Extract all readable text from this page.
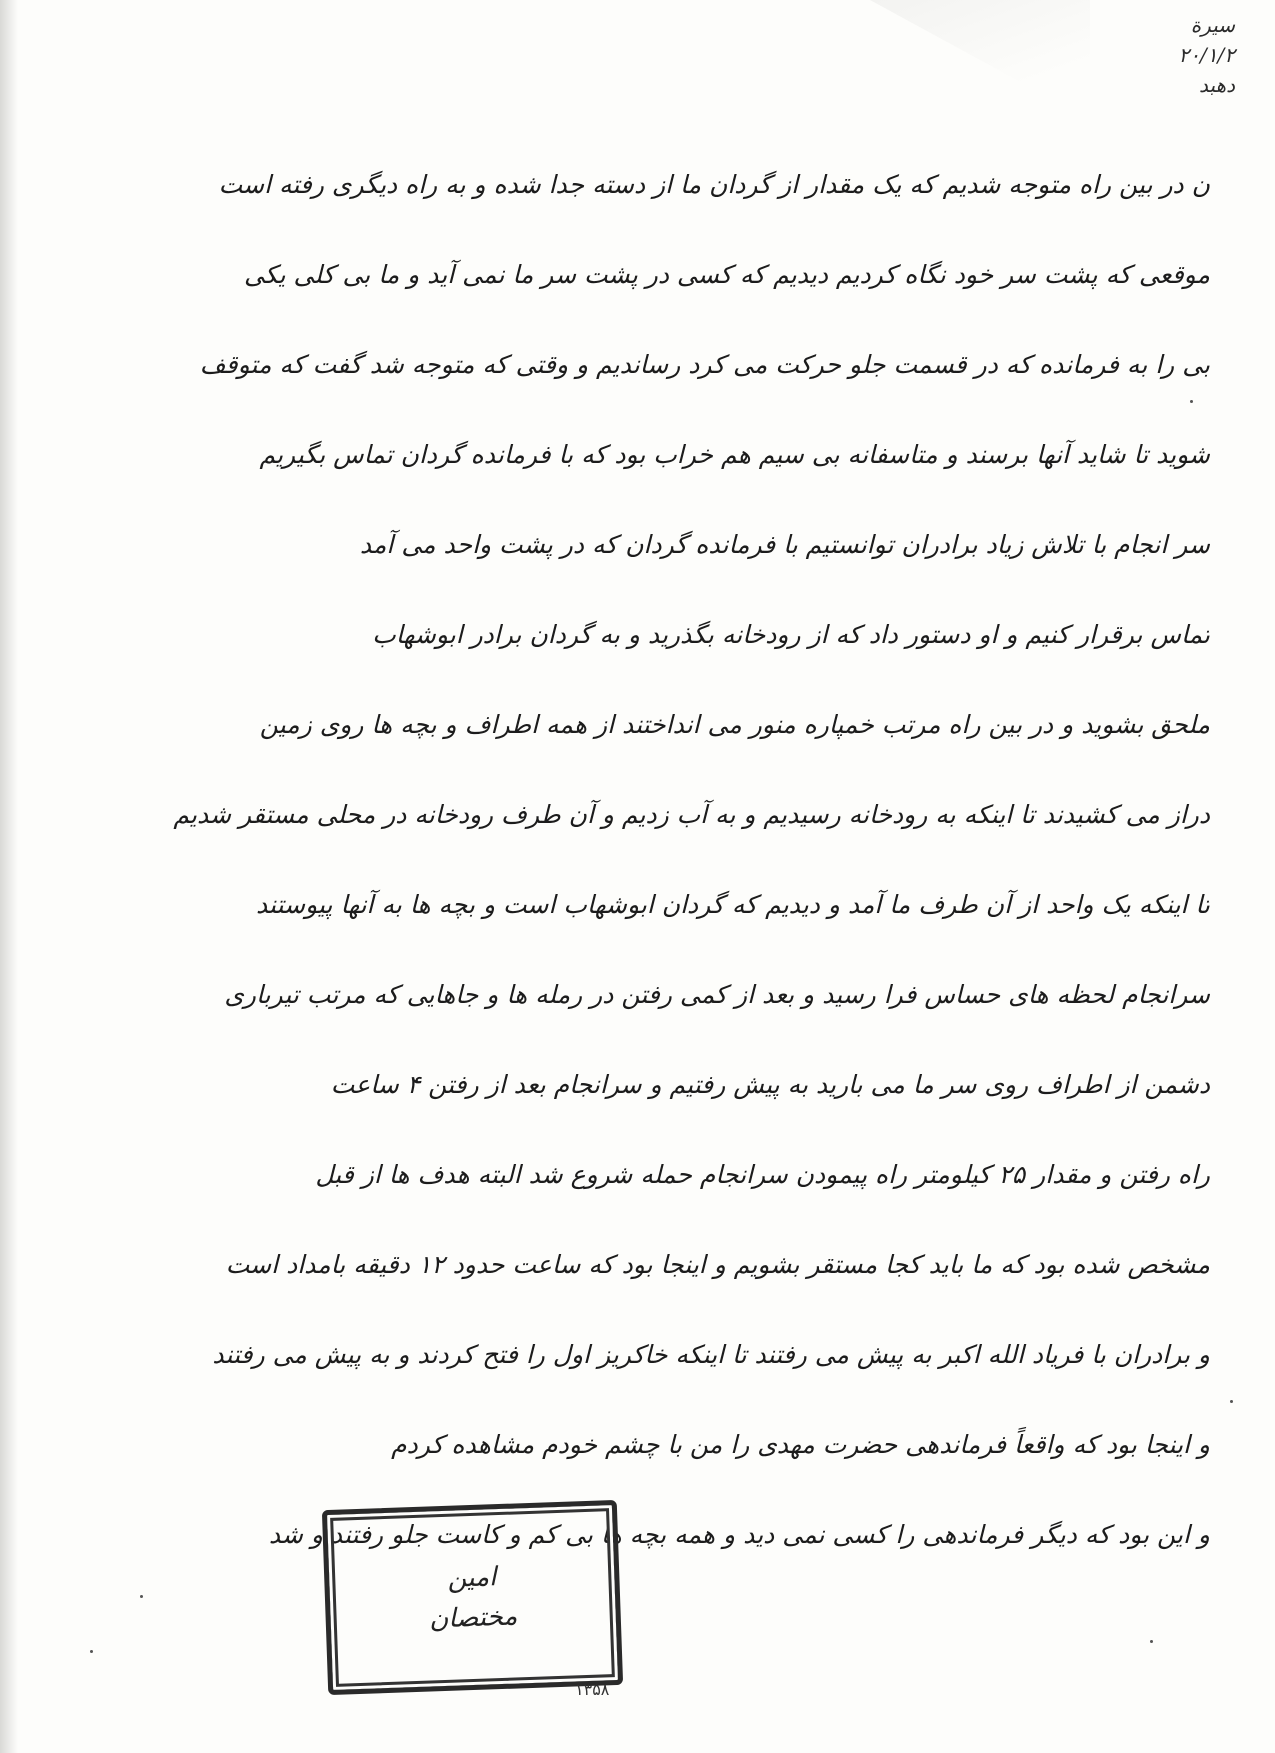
سیرة
۲۰/۱/۲
دهبد
ن در بین راه متوجه شدیم که یک مقدار از گردان ما از دسته جدا شده و به راه دیگری رفته است
موقعی که پشت سر خود نگاه کردیم دیدیم که کسی در پشت سر ما نمی آید و ما بی کلی یکی
بی را به فرمانده که در قسمت جلو حرکت می کرد رساندیم و وقتی که متوجه شد گفت که متوقف
شوید تا شاید آنها برسند و متاسفانه بی سیم هم خراب بود که با فرمانده گردان تماس بگیریم
سر انجام با تلاش زیاد برادران توانستیم با فرمانده گردان که در پشت واحد می آمد
تماس برقرار کنیم و او دستور داد که از رودخانه بگذرید و به گردان برادر ابوشهاب
ملحق بشوید و در بین راه مرتب خمپاره منور می انداختند از همه اطراف و بچه ها روی زمین
دراز می کشیدند تا اینکه به رودخانه رسیدیم و به آب زدیم و آن طرف رودخانه در محلی مستقر شدیم
تا اینکه یک واحد از آن طرف ما آمد و دیدیم که گردان ابوشهاب است و بچه ها به آنها پیوستند
سرانجام لحظه های حساس فرا رسید و بعد از کمی رفتن در رمله ها و جاهایی که مرتب تیرباری
دشمن از اطراف روی سر ما می بارید به پیش رفتیم و سرانجام بعد از رفتن ۴ ساعت
راه رفتن و مقدار ۲۵ کیلومتر راه پیمودن سرانجام حمله شروع شد البته هدف ها از قبل
مشخص شده بود که ما باید کجا مستقر بشویم و اینجا بود که ساعت حدود ۱۲ دقیقه بامداد است
و برادران با فریاد الله اکبر به پیش می رفتند تا اینکه خاکریز اول را فتح کردند و به پیش می رفتند
و اینجا بود که واقعاً فرماندهی حضرت مهدی را من با چشم خودم مشاهده کردم
و این بود که دیگر فرماندهی را کسی نمی دید و همه بچه ها بی کم و کاست جلو رفتند و شد
امین
مختصان
۱۳۵۸
